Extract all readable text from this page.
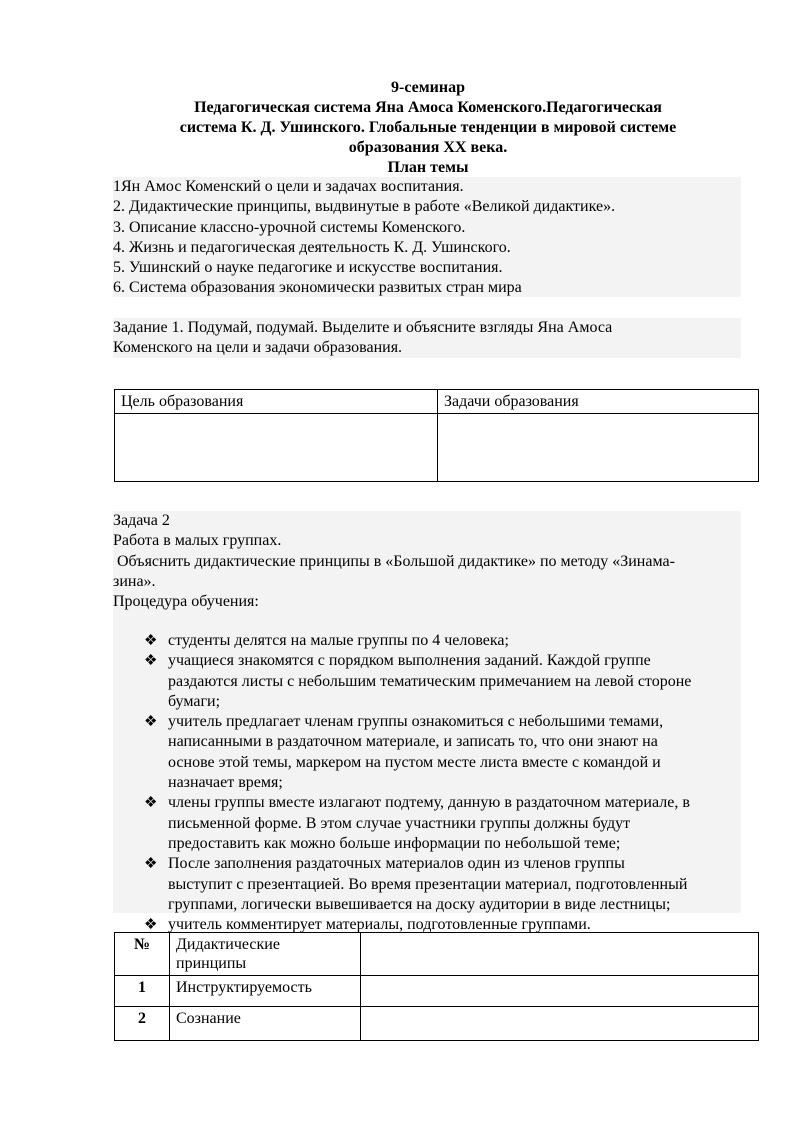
9-семинар
Педагогическая система Яна Амоса Коменского.Педагогическая
система К. Д. Ушинского. Глобальные тенденции в мировой системе
образования XX века.
План темы

1Ян Амос Коменский о цели и задачах воспитания.

2. Дидактические принципы, выдвинутые в работе «Великой дидактике».

3. Описание классно-урочной системы Коменского.

4. Жизнь и педагогическая деятельность К. Д. Ушинского.

5. Ушинский о науке педагогике и искусстве воспитания.

6. Система образования экономически развитых стран мира

Задание 1. Подумай, подумай. Выделите и объясните взгляды Яна Амоса

Коменского на цели и задачи образования.

Цель образования	Задачи образования

Задача 2

Работа в малых группах.

Объяснить дидактические принципы в «Большой дидактике» по методу «Зинама-

зина».

Процедура обучения:

❖ студенты делятся на малые группы по 4 человека;
❖ учащиеся знакомятся с порядком выполнения заданий. Каждой группе
раздаются листы с небольшим тематическим примечанием на левой стороне
бумаги;
❖ учитель предлагает членам группы ознакомиться с небольшими темами,
написанными в раздаточном материале, и записать то, что они знают на
основе этой темы, маркером на пустом месте листа вместе с командой и
назначает время;
❖ члены группы вместе излагают подтему, данную в раздаточном материале, в
письменной форме. В этом случае участники группы должны будут
предоставить как можно больше информации по небольшой теме;
❖ После заполнения раздаточных материалов один из членов группы
выступит с презентацией. Во время презентации материал, подготовленный
группами, логически вывешивается на доску аудитории в виде лестницы;
❖ учитель комментирует материалы, подготовленные группами.
№	Дидактические принципы	
1	Инструктируемость	
2	Сознание	
